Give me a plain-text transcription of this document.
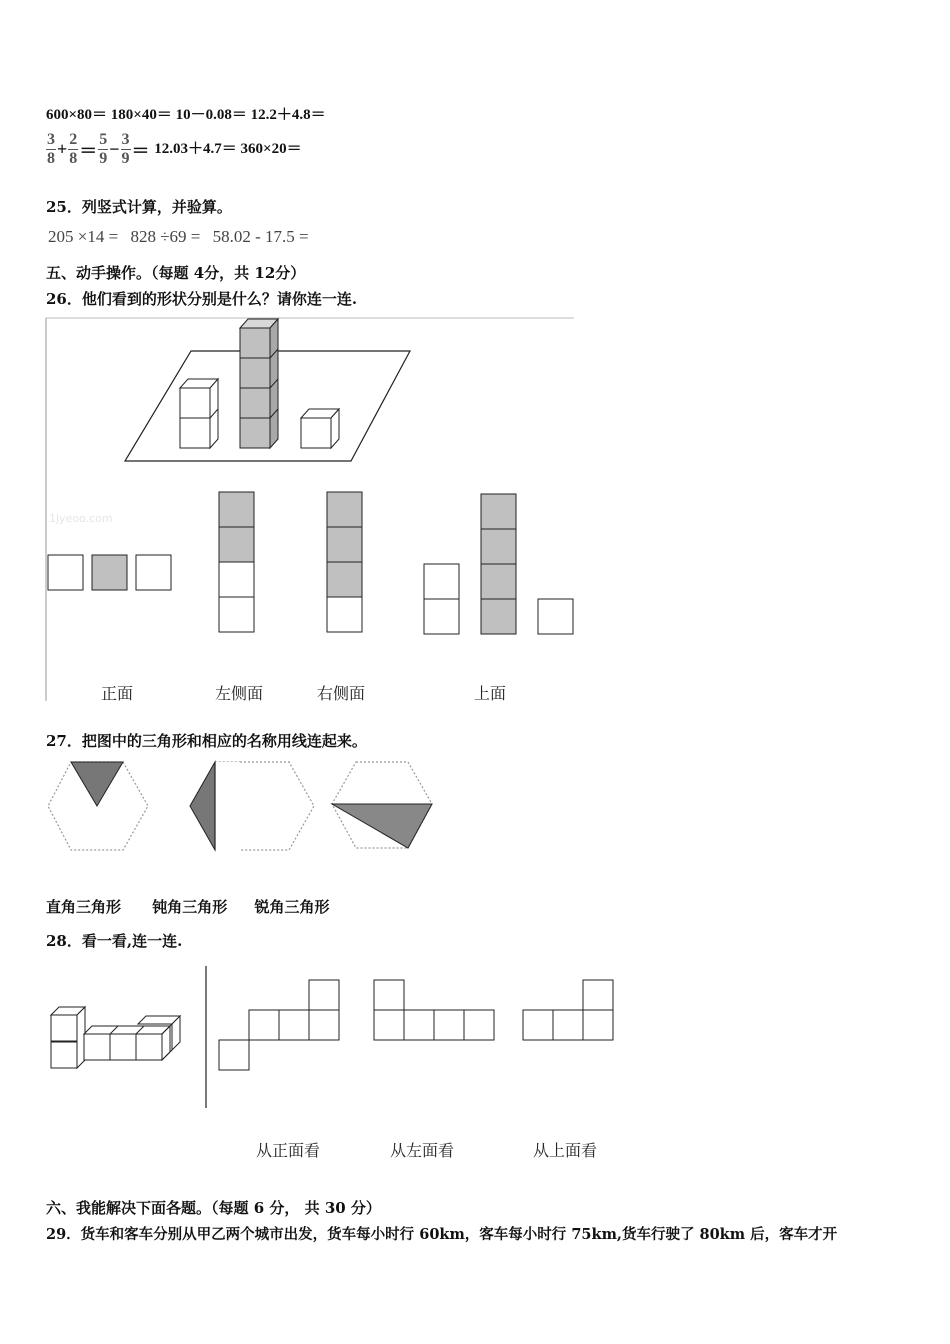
600×80＝ 180×40＝ 10－0.08＝ 12.2＋4.8＝
$\frac{3}{8} + \frac{2}{8} = \frac{5}{9} - \frac{3}{9} = 12.03+4.7= 360\times 20=$
25．列竖式计算，并验算。
205 ×14 = 828 ÷69 = 58.02 - 17.5 =
五、动手操作。（每题 4分，共 12分）
26．他们看到的形状分别是什么？请你连一连.
1jyeoo.com
正面	左侧面	右侧面	上面
27．把图中的三角形和相应的名称用线连起来。
直角三角形 钝角三角形 锐角三角形
28．看一看,连一连.
从正面看	从左面看	从上面看
六、我能解决下面各题。（每题 6 分， 共 30 分）
29．货车和客车分别从甲乙两个城市出发，货车每小时行 60km，客车每小时行 75km,货车行驶了 80km 后，客车才开
